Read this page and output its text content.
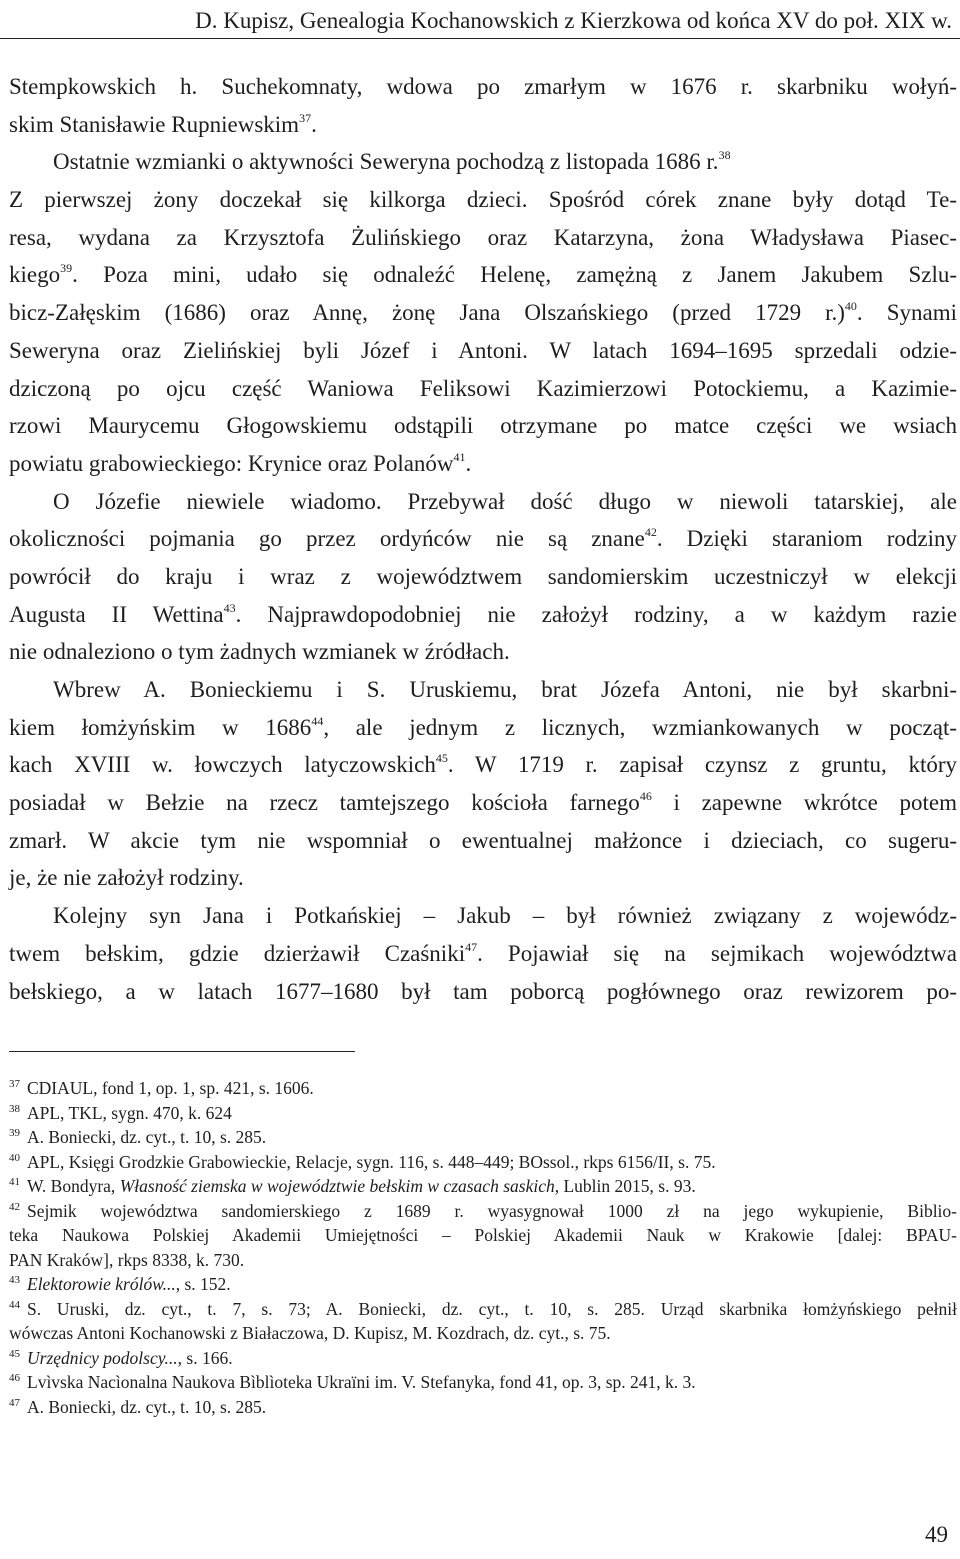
D. Kupisz, Genealogia Kochanowskich z Kierzkowa od końca XV do poł. XIX w.
Stempkowskich h. Suchekomnaty, wdowa po zmarłym w 1676 r. skarbniku wołyń-
skim Stanisławie Rupniewskim$^{37}$.
Ostatnie wzmianki o aktywności Seweryna pochodzą z listopada 1686 r.$^{38}$
Z pierwszej żony doczekał się kilkorga dzieci. Spośród córek znane były dotąd Te-
resa, wydana za Krzysztofa Żulińskiego oraz Katarzyna, żona Władysława Piaseс-
kiego$^{39}$. Poza mini, udało się odnaleźć Helenę, zamężną z Janem Jakubem Szlu-
bicz-Załęskim (1686) oraz Annę, żonę Jana Olszańskiego (przed 1729 r.)$^{40}$. Synami
Seweryna oraz Zielińskiej byli Józef i Antoni. W latach 1694–1695 sprzedali odzie-
dziczoną po ojcu część Waniowa Feliksowi Kazimierzowi Potockiemu, a Kazimie-
rzowi Maurycemu Głogowskiemu odstąpili otrzymane po matce części we wsiach
powiatu grabowieckiego: Krynice oraz Polanów$^{41}$.
O Józefie niewiele wiadomo. Przebywał dość długo w niewoli tatarskiej, ale
okoliczności pojmania go przez ordyńców nie są znane$^{42}$. Dzięki staraniom rodziny
powrócił do kraju i wraz z województwem sandomierskim uczestniczył w elekcji
Augusta II Wettina$^{43}$. Najprawdopodobniej nie założył rodziny, a w każdym razie
nie odnaleziono o tym żadnych wzmianek w źródłach.
Wbrew A. Bonieckiemu i S. Uruskiemu, brat Józefa Antoni, nie był skarbni-
kiem łomżyńskim w 1686$^{44}$, ale jednym z licznych, wzmiankowanych w począt-
kach XVIII w. łowczych latyczowskich$^{45}$. W 1719 r. zapisał czynsz z gruntu, który
posiadał w Bełzie na rzecz tamtejszego kościoła farnego$^{46}$ i zapewne wkrótce potem
zmarł. W akcie tym nie wspomniał o ewentualnej małżonce i dzieciach, co sugeru-
je, że nie założył rodziny.
Kolejny syn Jana i Potkańskiej – Jakub – był również związany z wojewódz-
twem bełskim, gdzie dzierżawił Czaśniki$^{47}$. Pojawiał się na sejmikach województwa
bełskiego, a w latach 1677–1680 był tam poborcą pogłównego oraz rewizorem po-
37 CDIAUL, fond 1, op. 1, sp. 421, s. 1606.
38 APL, TKL, sygn. 470, k. 624
39 A. Boniecki, dz. cyt., t. 10, s. 285.
40 APL, Księgi Grodzkie Grabowieckie, Relacje, sygn. 116, s. 448–449; BOssol., rkps 6156/II, s. 75.
41 W. Bondyra, Własność ziemska w województwie bełskim w czasach saskich, Lublin 2015, s. 93.
42 Sejmik województwa sandomierskiego z 1689 r. wyasygnował 1000 zł na jego wykupienie, Biblio-
teka Naukowa Polskiej Akademii Umiejętności – Polskiej Akademii Nauk w Krakowie [dalej: BPAU-
PAN Kraków], rkps 8338, k. 730.
43 Elektorowie królów..., s. 152.
44 S. Uruski, dz. cyt., t. 7, s. 73; A. Boniecki, dz. cyt., t. 10, s. 285. Urząd skarbnika łomżyńskiego pełnił
wówczas Antoni Kochanowski z Białaczowa, D. Kupisz, M. Kozdrach, dz. cyt., s. 75.
45 Urzędnicy podolscy..., s. 166.
46 Lvìvska Nacìonalna Naukova Bìblìoteka Ukraïni im. V. Stefanyka, fond 41, op. 3, sp. 241, k. 3.
47 A. Boniecki, dz. cyt., t. 10, s. 285.
49
